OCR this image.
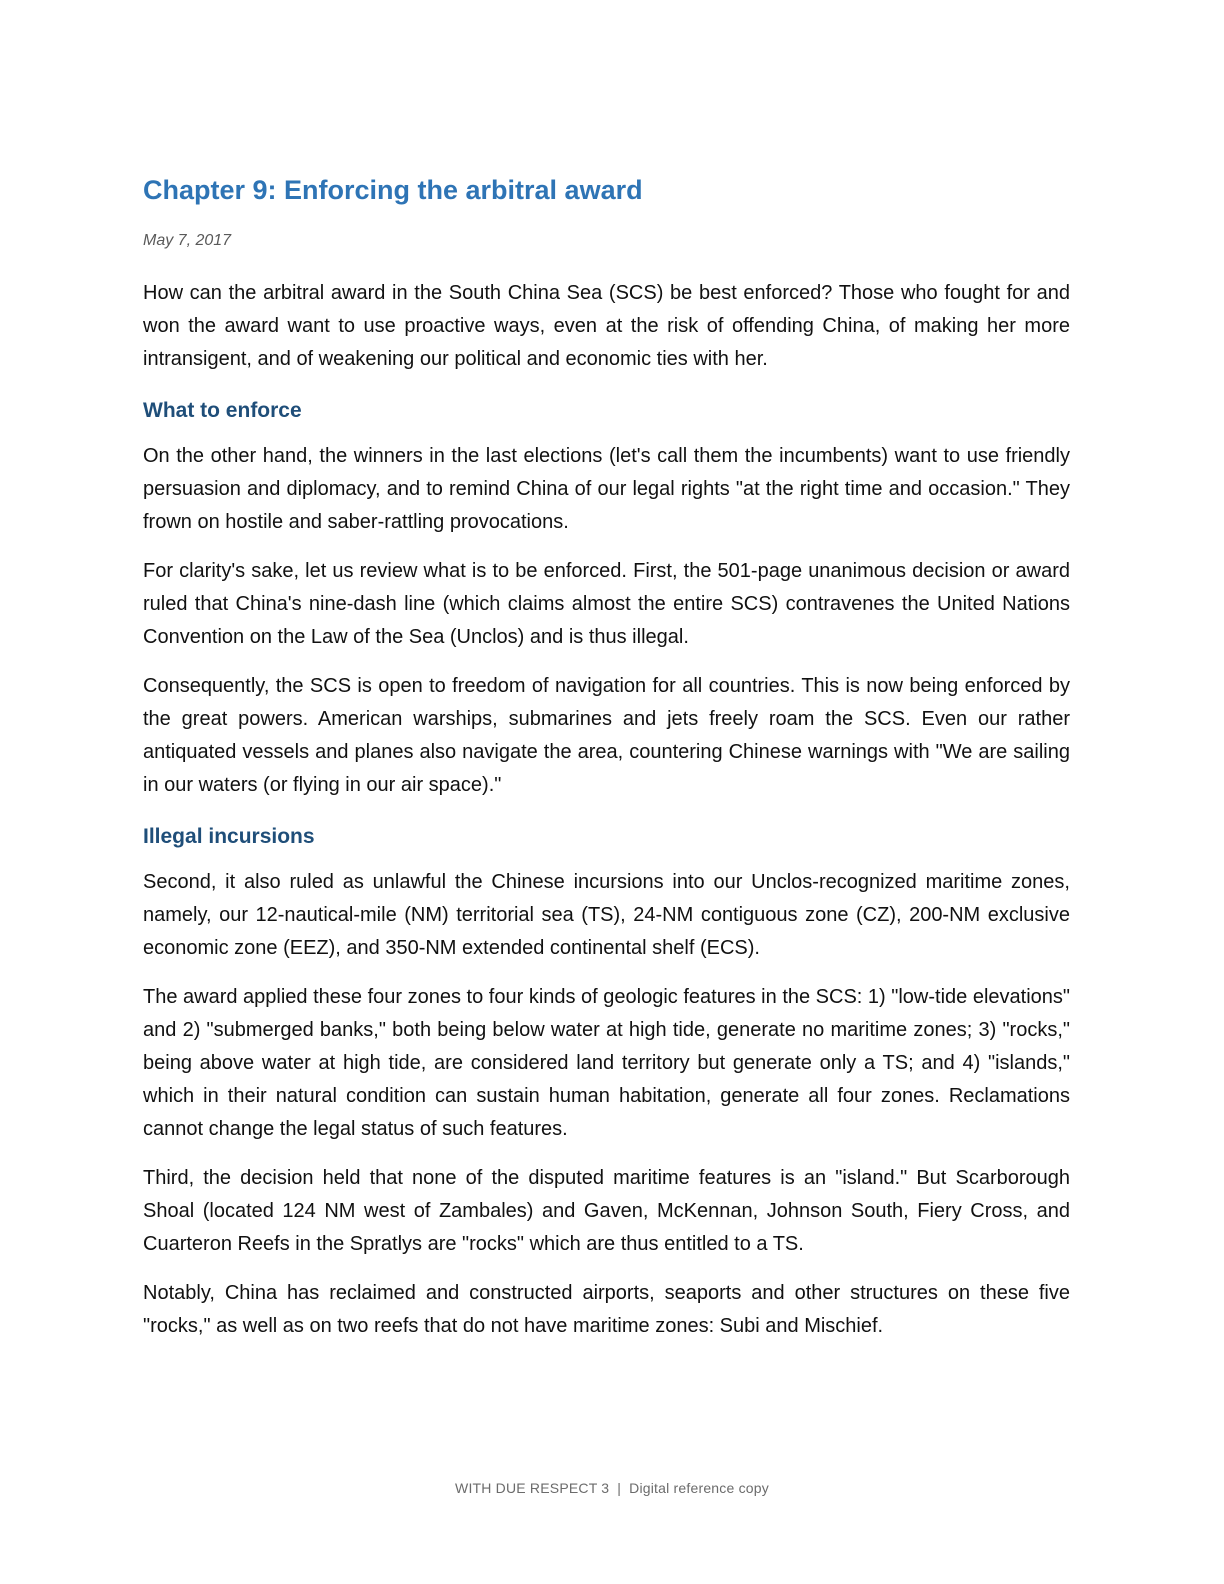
Chapter 9: Enforcing the arbitral award

May 7, 2017

How can the arbitral award in the South China Sea (SCS) be best enforced? Those who fought for and won the award want to use proactive ways, even at the risk of offending China, of making her more intransigent, and of weakening our political and economic ties with her.

What to enforce

On the other hand, the winners in the last elections (let's call them the incumbents) want to use friendly persuasion and diplomacy, and to remind China of our legal rights "at the right time and occasion." They frown on hostile and saber-rattling provocations.

For clarity's sake, let us review what is to be enforced. First, the 501-page unanimous decision or award ruled that China's nine-dash line (which claims almost the entire SCS) contravenes the United Nations Convention on the Law of the Sea (Unclos) and is thus illegal.

Consequently, the SCS is open to freedom of navigation for all countries. This is now being enforced by the great powers. American warships, submarines and jets freely roam the SCS. Even our rather antiquated vessels and planes also navigate the area, countering Chinese warnings with "We are sailing in our waters (or flying in our air space)."

Illegal incursions

Second, it also ruled as unlawful the Chinese incursions into our Unclos-recognized maritime zones, namely, our 12-nautical-mile (NM) territorial sea (TS), 24-NM contiguous zone (CZ), 200-NM exclusive economic zone (EEZ), and 350-NM extended continental shelf (ECS).

The award applied these four zones to four kinds of geologic features in the SCS: 1) "low-tide elevations" and 2) "submerged banks," both being below water at high tide, generate no maritime zones; 3) "rocks," being above water at high tide, are considered land territory but generate only a TS; and 4) "islands," which in their natural condition can sustain human habitation, generate all four zones. Reclamations cannot change the legal status of such features.

Third, the decision held that none of the disputed maritime features is an "island." But Scarborough Shoal (located 124 NM west of Zambales) and Gaven, McKennan, Johnson South, Fiery Cross, and Cuarteron Reefs in the Spratlys are "rocks" which are thus entitled to a TS.

Notably, China has reclaimed and constructed airports, seaports and other structures on these five "rocks," as well as on two reefs that do not have maritime zones: Subi and Mischief.

WITH DUE RESPECT 3 | Digital reference copy
